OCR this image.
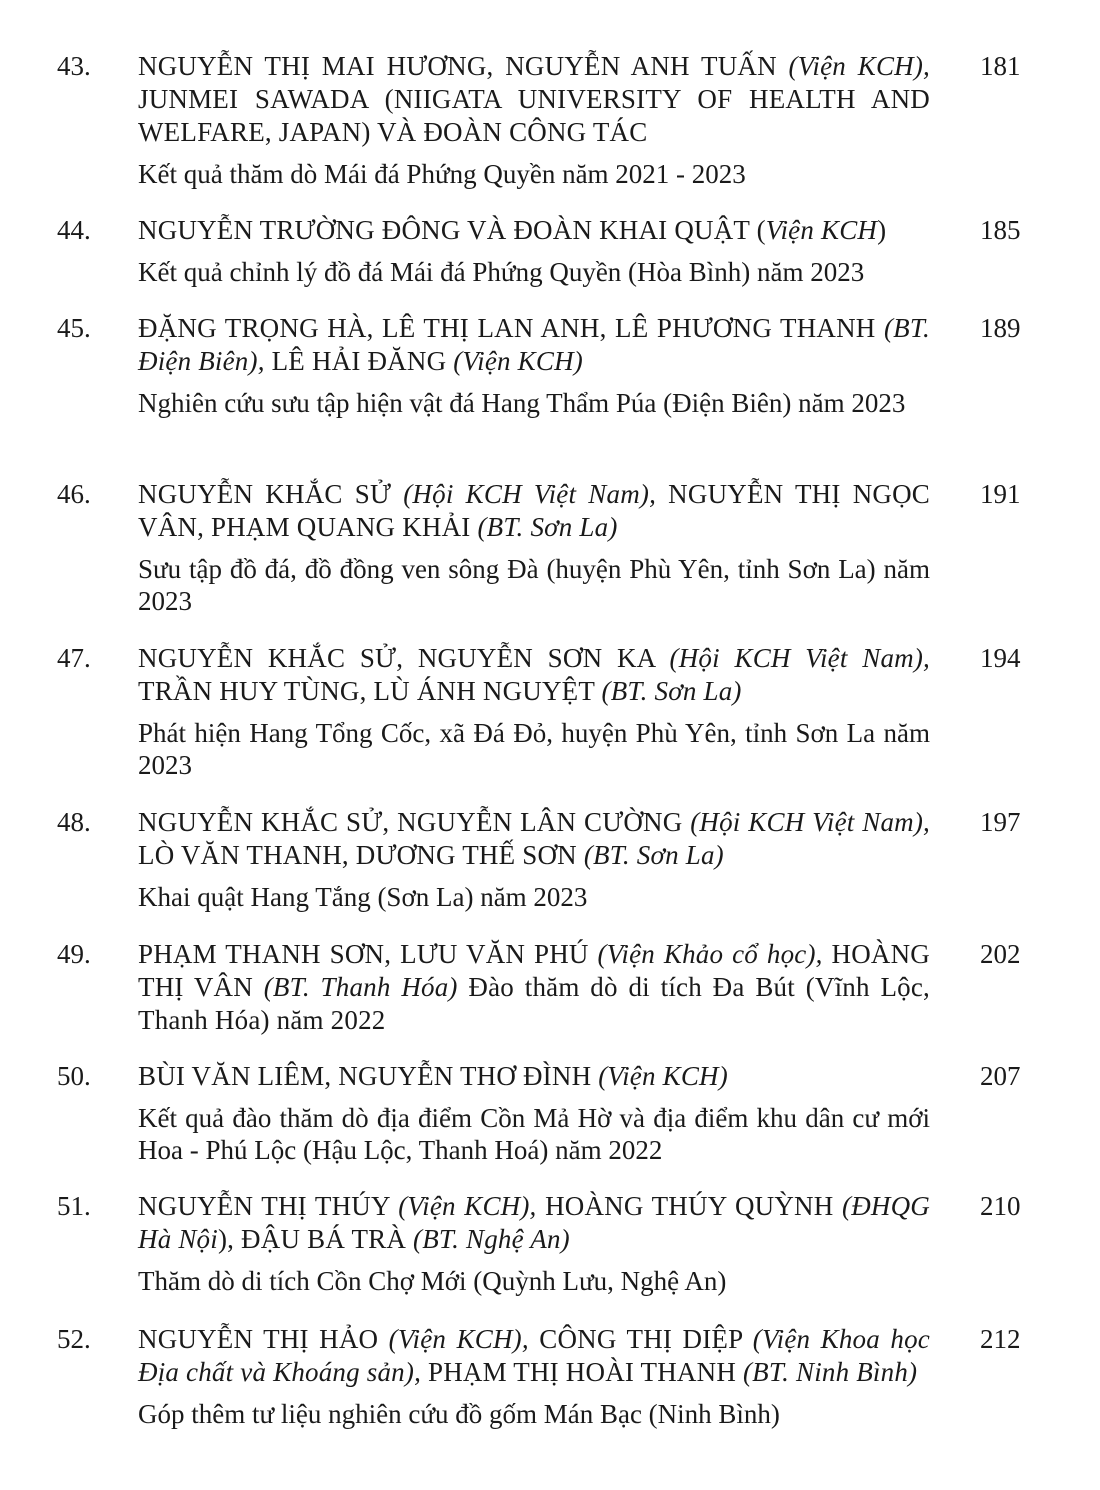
43. NGUYỄN THỊ MAI HƯƠNG, NGUYỄN ANH TUẤN (Viện KCH), JUNMEI SAWADA (NIIGATA UNIVERSITY OF HEALTH AND WELFARE, JAPAN) VÀ ĐOÀN CÔNG TÁC
Kết quả thăm dò Mái đá Phứng Quyền năm 2021 - 2023
181
44. NGUYỄN TRƯỜNG ĐÔNG VÀ ĐOÀN KHAI QUẬT (Viện KCH)
Kết quả chỉnh lý đồ đá Mái đá Phứng Quyền (Hòa Bình) năm 2023
185
45. ĐẶNG TRỌNG HÀ, LÊ THỊ LAN ANH, LÊ PHƯƠNG THANH (BT. Điện Biên), LÊ HẢI ĐĂNG (Viện KCH)
Nghiên cứu sưu tập hiện vật đá Hang Thẩm Púa (Điện Biên) năm 2023
189
46. NGUYỄN KHẮC SỬ (Hội KCH Việt Nam), NGUYỄN THỊ NGỌC VÂN, PHẠM QUANG KHẢI (BT. Sơn La)
Sưu tập đồ đá, đồ đồng ven sông Đà (huyện Phù Yên, tỉnh Sơn La) năm 2023
191
47. NGUYỄN KHẮC SỬ, NGUYỄN SƠN KA (Hội KCH Việt Nam), TRẦN HUY TÙNG, LÙ ÁNH NGUYỆT (BT. Sơn La)
Phát hiện Hang Tổng Cốc, xã Đá Đỏ, huyện Phù Yên, tỉnh Sơn La năm 2023
194
48. NGUYỄN KHẮC SỬ, NGUYỄN LÂN CƯỜNG (Hội KCH Việt Nam), LÒ VĂN THANH, DƯƠNG THẾ SƠN (BT. Sơn La)
Khai quật Hang Tắng (Sơn La) năm 2023
197
49. PHẠM THANH SƠN, LƯU VĂN PHÚ (Viện Khảo cổ học), HOÀNG THỊ VÂN (BT. Thanh Hóa) Đào thăm dò di tích Đa Bút (Vĩnh Lộc, Thanh Hóa) năm 2022
202
50. BÙI VĂN LIÊM, NGUYỄN THƠ ĐÌNH (Viện KCH)
Kết quả đào thăm dò địa điểm Cồn Mả Hờ và địa điểm khu dân cư mới Hoa - Phú Lộc (Hậu Lộc, Thanh Hoá) năm 2022
207
51. NGUYỄN THỊ THÚY (Viện KCH), HOÀNG THÚY QUỲNH (ĐHQG Hà Nội), ĐẬU BÁ TRÀ (BT. Nghệ An)
Thăm dò di tích Cồn Chợ Mới (Quỳnh Lưu, Nghệ An)
210
52. NGUYỄN THỊ HẢO (Viện KCH), CÔNG THỊ DIỆP (Viện Khoa học Địa chất và Khoáng sản), PHẠM THỊ HOÀI THANH (BT. Ninh Bình)
Góp thêm tư liệu nghiên cứu đồ gốm Mán Bạc (Ninh Bình)
212
